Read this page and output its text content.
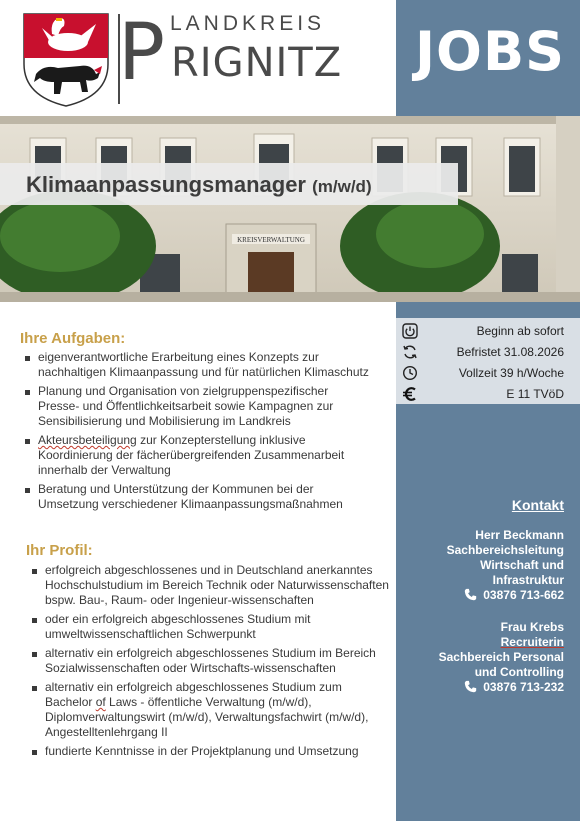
LANDKREIS
P RIGNITZ JOBS
KREISVERWALTUNG
Klimaanpassungsmanager (m/w/d)
Beginn ab sofort
Befristet 31.08.2026
Vollzeit 39 h/Woche
E 11 TVöD
Kontakt
Herr Beckmann
Sachbereichsleitung
Wirtschaft und
Infrastruktur
03876 713-662
Frau Krebs
Recruiterin
Sachbereich Personal
und Controlling
03876 713-232
Ihre Aufgaben:
eigenverantwortliche Erarbeitung eines Konzepts zur nachhaltigen Klimaanpassung und für natürlichen Klimaschutz
Planung und Organisation von zielgruppenspezifischer Presse- und Öffentlichkeitsarbeit sowie Kampagnen zur Sensibilisierung und Mobilisierung im Landkreis
Akteursbeteiligung zur Konzepterstellung inklusive Koordinierung der fächerübergreifenden Zusammenarbeit innerhalb der Verwaltung
Beratung und Unterstützung der Kommunen bei der Umsetzung verschiedener Klimaanpassungsmaßnahmen
Ihr Profil:
erfolgreich abgeschlossenes und in Deutschland anerkanntes Hochschulstudium im Bereich Technik oder Naturwissenschaften bspw. Bau-, Raum- oder Ingenieur-wissenschaften
oder ein erfolgreich abgeschlossenes Studium mit umweltwissenschaftlichen Schwerpunkt
alternativ ein erfolgreich abgeschlossenes Studium im Bereich Sozialwissenschaften oder Wirtschafts-wissenschaften
alternativ ein erfolgreich abgeschlossenes Studium zum Bachelor of Laws - öffentliche Verwaltung (m/w/d), Diplomverwaltungswirt (m/w/d), Verwaltungsfachwirt (m/w/d), Angestelltenlehrgang II
fundierte Kenntnisse in der Projektplanung und Umsetzung
